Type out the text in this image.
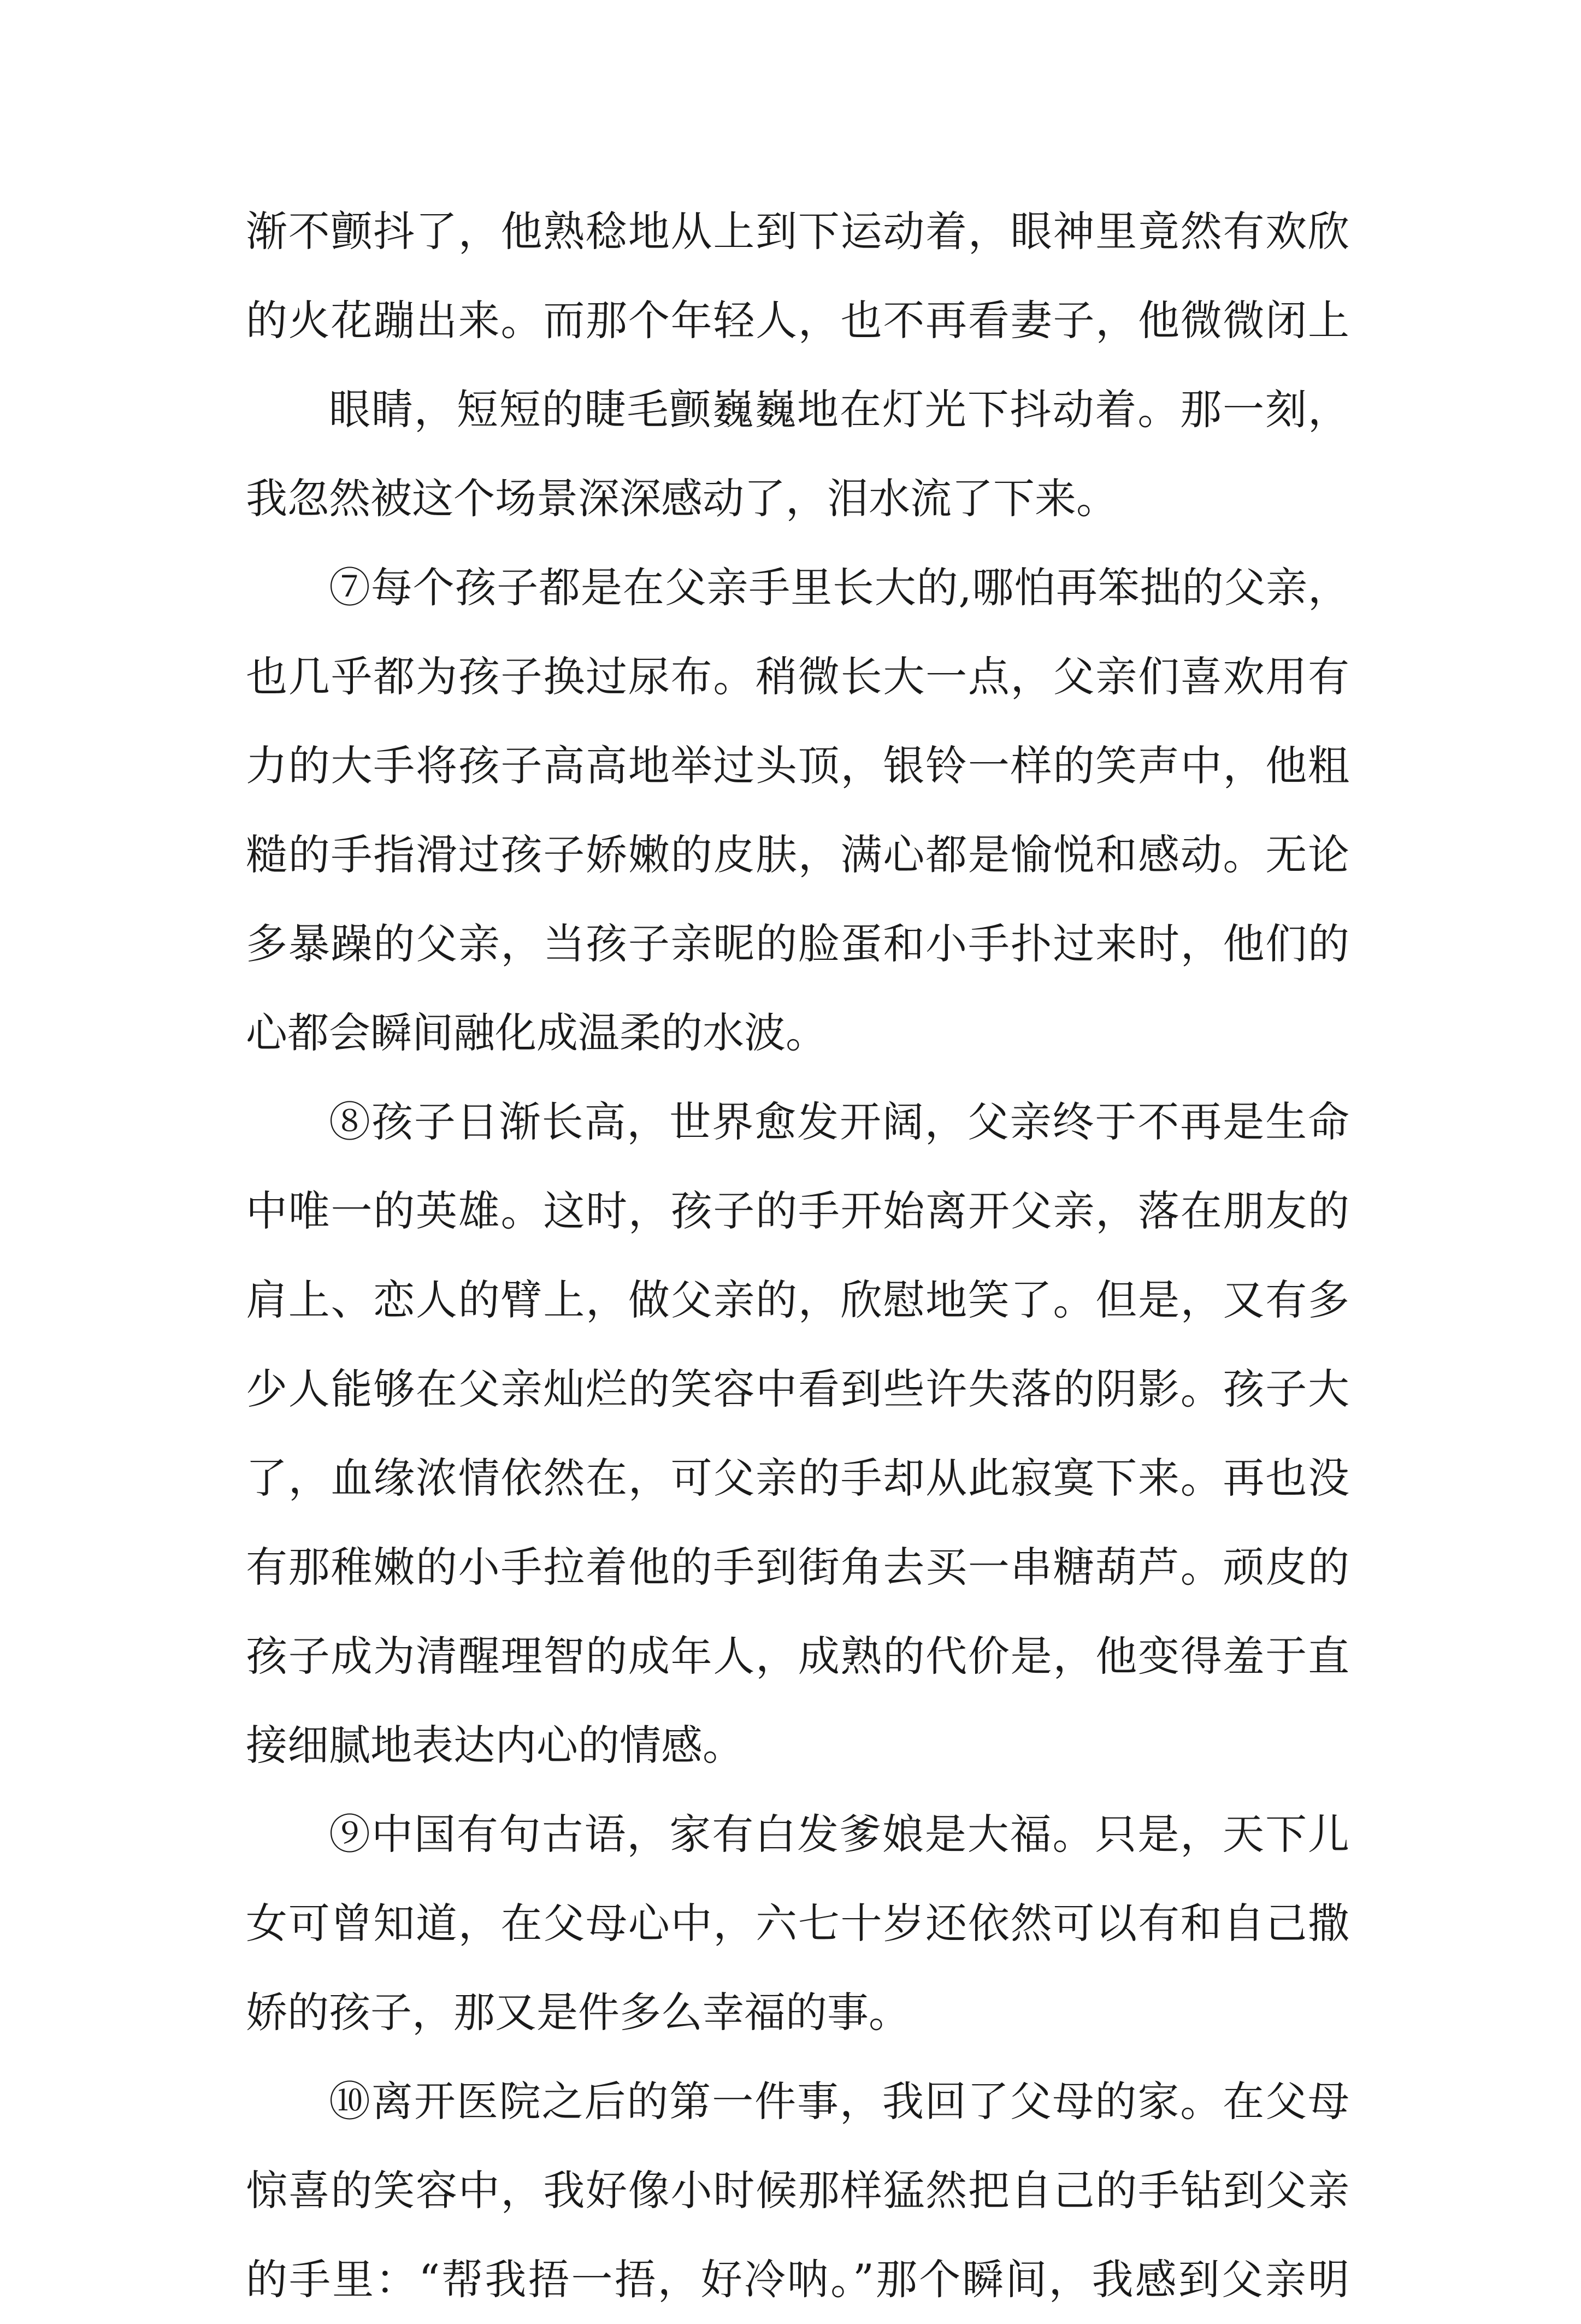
渐不颤抖了，他熟稔地从上到下运动着，眼神里竟然有欢欣
的火花蹦出来。而那个年轻人，也不再看妻子，他微微闭上
眼睛，短短的睫毛颤巍巍地在灯光下抖动着。那一刻，
我忽然被这个场景深深感动了，泪水流了下来。
⑦每个孩子都是在父亲手里长大的,哪怕再笨拙的父亲，
也几乎都为孩子换过尿布。稍微长大一点，父亲们喜欢用有
力的大手将孩子高高地举过头顶，银铃一样的笑声中，他粗
糙的手指滑过孩子娇嫩的皮肤，满心都是愉悦和感动。无论
多暴躁的父亲，当孩子亲昵的脸蛋和小手扑过来时，他们的
心都会瞬间融化成温柔的水波。
⑧孩子日渐长高，世界愈发开阔，父亲终于不再是生命
中唯一的英雄。这时，孩子的手开始离开父亲，落在朋友的
肩上、恋人的臂上，做父亲的，欣慰地笑了。但是，又有多
少人能够在父亲灿烂的笑容中看到些许失落的阴影。孩子大
了，血缘浓情依然在，可父亲的手却从此寂寞下来。再也没
有那稚嫩的小手拉着他的手到街角去买一串糖葫芦。顽皮的
孩子成为清醒理智的成年人，成熟的代价是，他变得羞于直
接细腻地表达内心的情感。
⑨中国有句古语，家有白发爹娘是大福。只是，天下儿
女可曾知道，在父母心中，六七十岁还依然可以有和自己撒
娇的孩子，那又是件多么幸福的事。
⑩离开医院之后的第一件事，我回了父母的家。在父母
惊喜的笑容中，我好像小时候那样猛然把自己的手钻到父亲
的手里：“帮我捂一捂，好冷呐。”那个瞬间，我感到父亲明
